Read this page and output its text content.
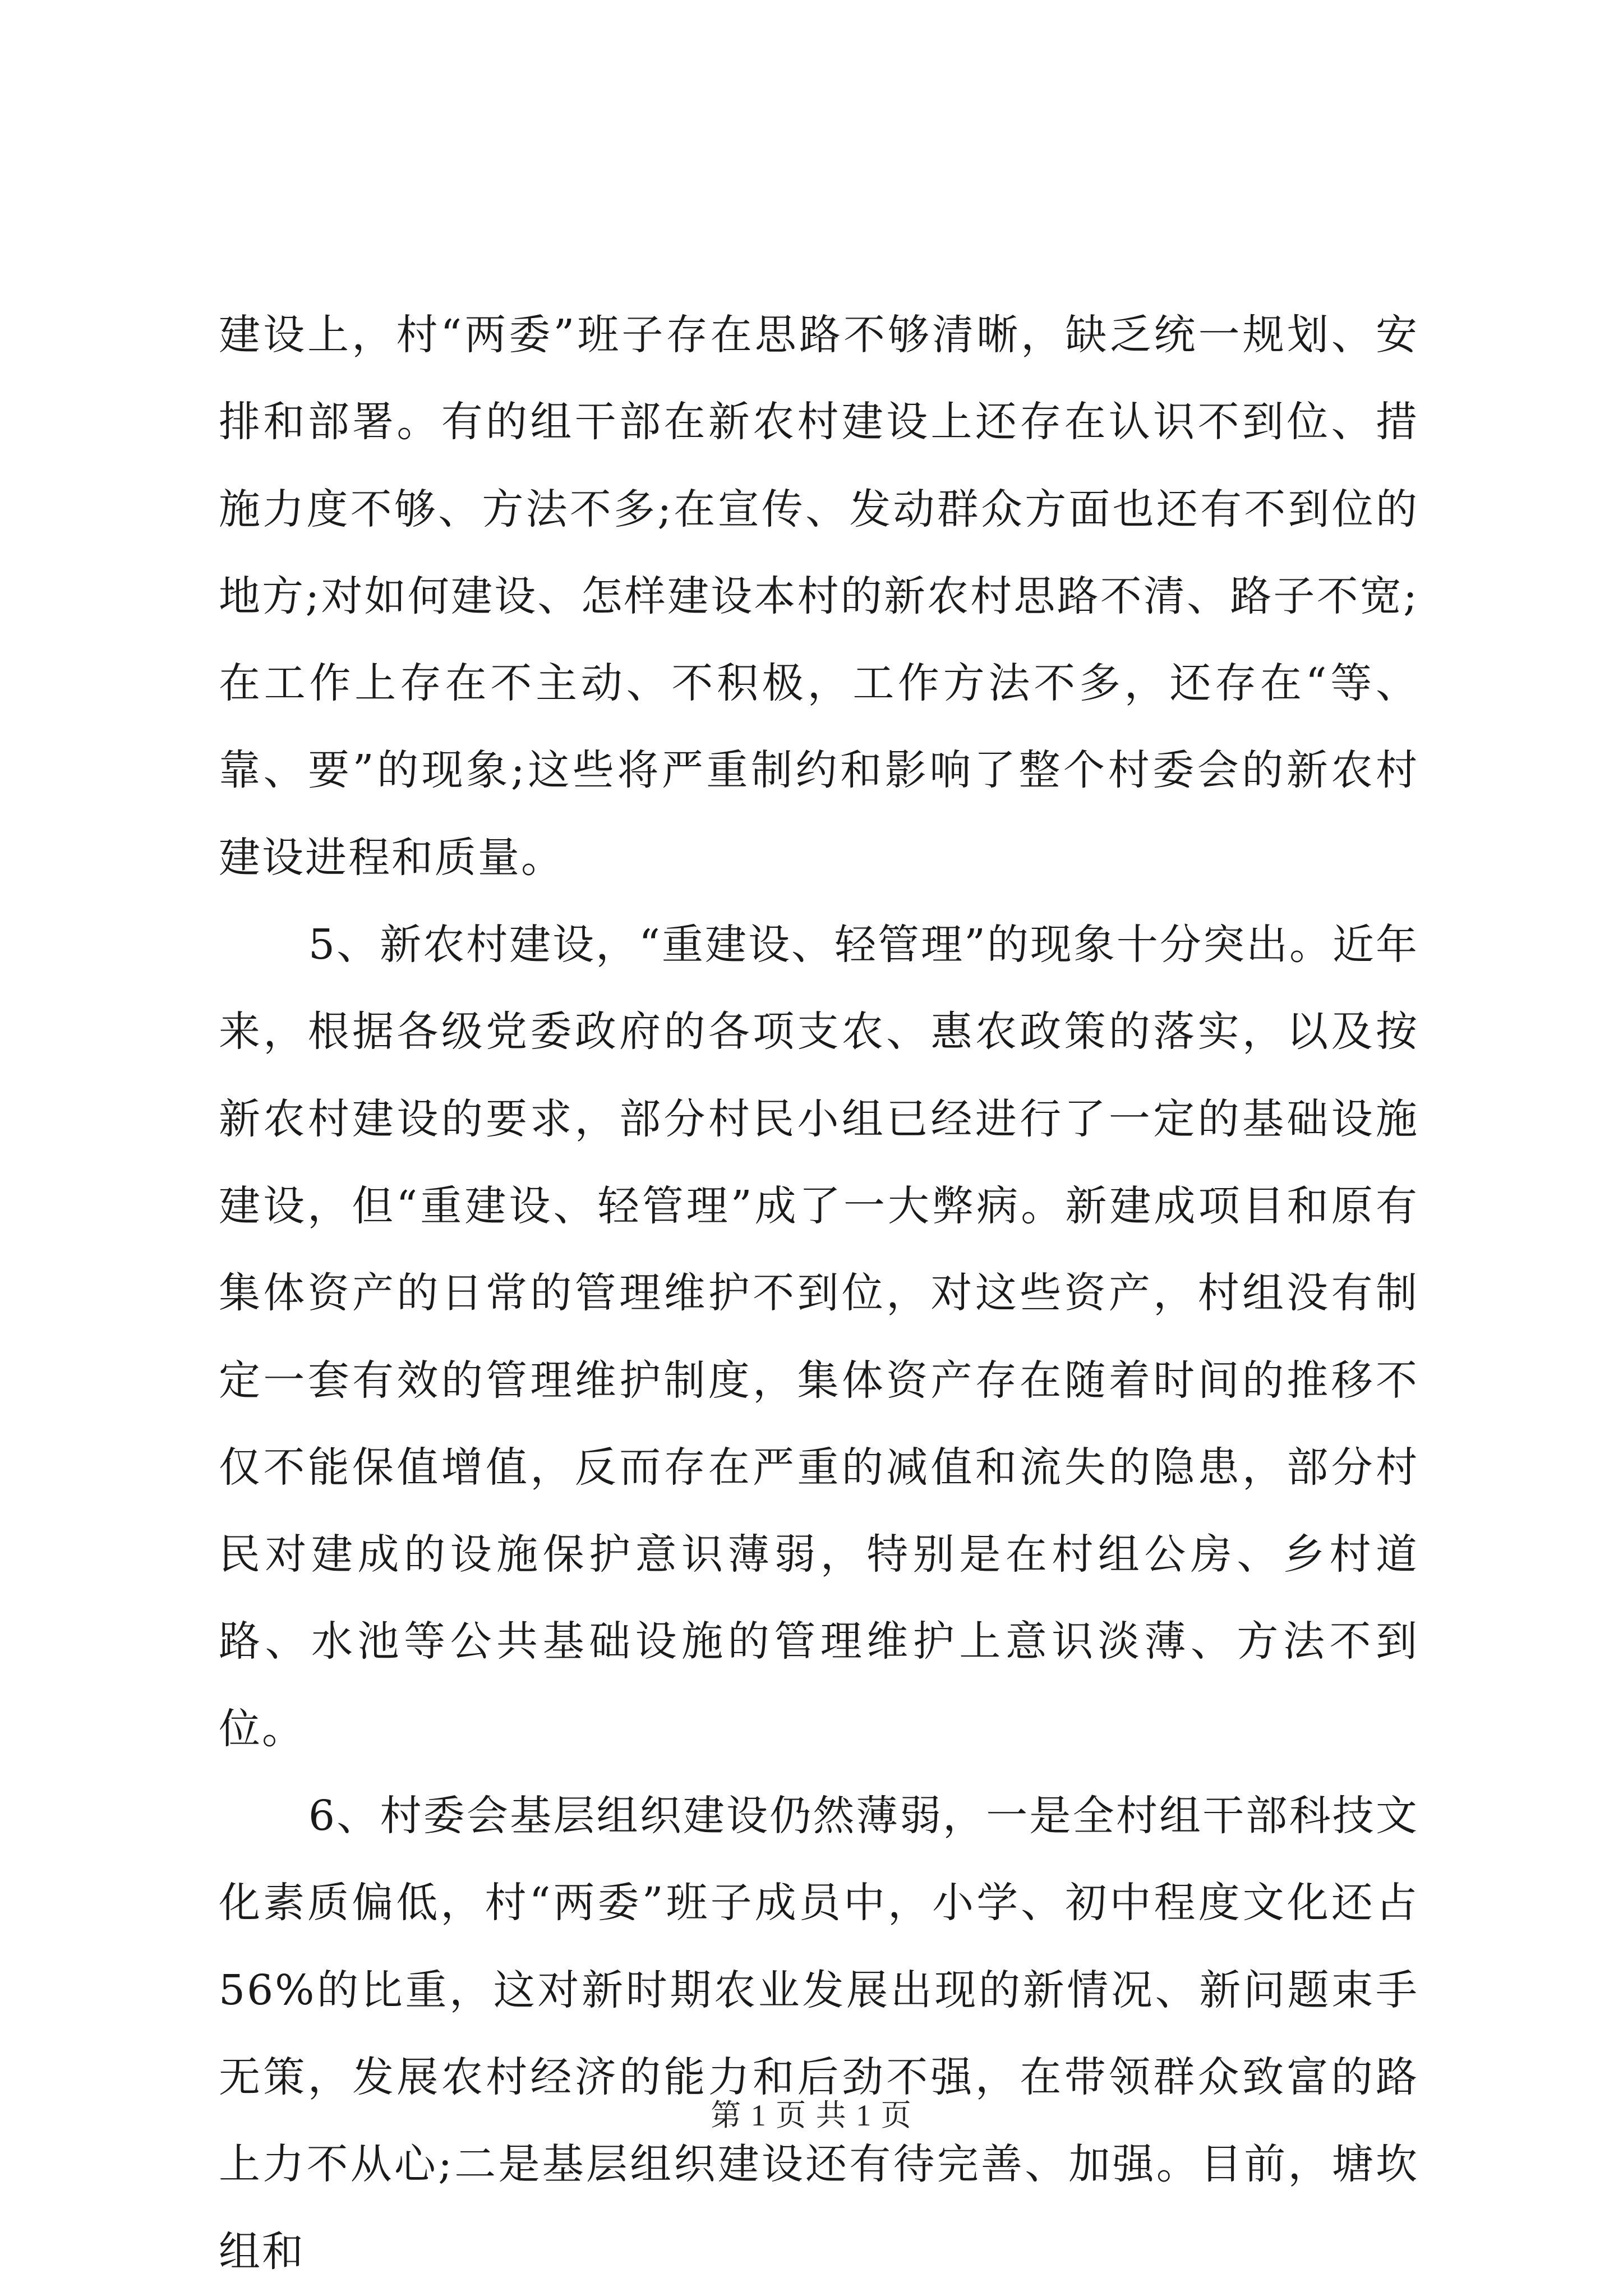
建设上，村“两委”班子存在思路不够清晰，缺乏统一规划、安排和部署。有的组干部在新农村建设上还存在认识不到位、措施力度不够、方法不多;在宣传、发动群众方面也还有不到位的地方;对如何建设、怎样建设本村的新农村思路不清、路子不宽;在工作上存在不主动、不积极，工作方法不多，还存在“等、靠、要”的现象;这些将严重制约和影响了整个村委会的新农村建设进程和质量。

5、新农村建设，“重建设、轻管理”的现象十分突出。近年来，根据各级党委政府的各项支农、惠农政策的落实，以及按新农村建设的要求，部分村民小组已经进行了一定的基础设施建设，但“重建设、轻管理”成了一大弊病。新建成项目和原有集体资产的日常的管理维护不到位，对这些资产，村组没有制定一套有效的管理维护制度，集体资产存在随着时间的推移不仅不能保值增值，反而存在严重的减值和流失的隐患，部分村民对建成的设施保护意识薄弱，特别是在村组公房、乡村道路、水池等公共基础设施的管理维护上意识淡薄、方法不到位。

6、村委会基层组织建设仍然薄弱，一是全村组干部科技文化素质偏低，村“两委”班子成员中，小学、初中程度文化还占56%的比重，这对新时期农业发展出现的新情况、新问题束手无策，发展农村经济的能力和后劲不强，在带领群众致富的路上力不从心;二是基层组织建设还有待完善、加强。目前，塘坎组和

第 1 页 共 1 页
